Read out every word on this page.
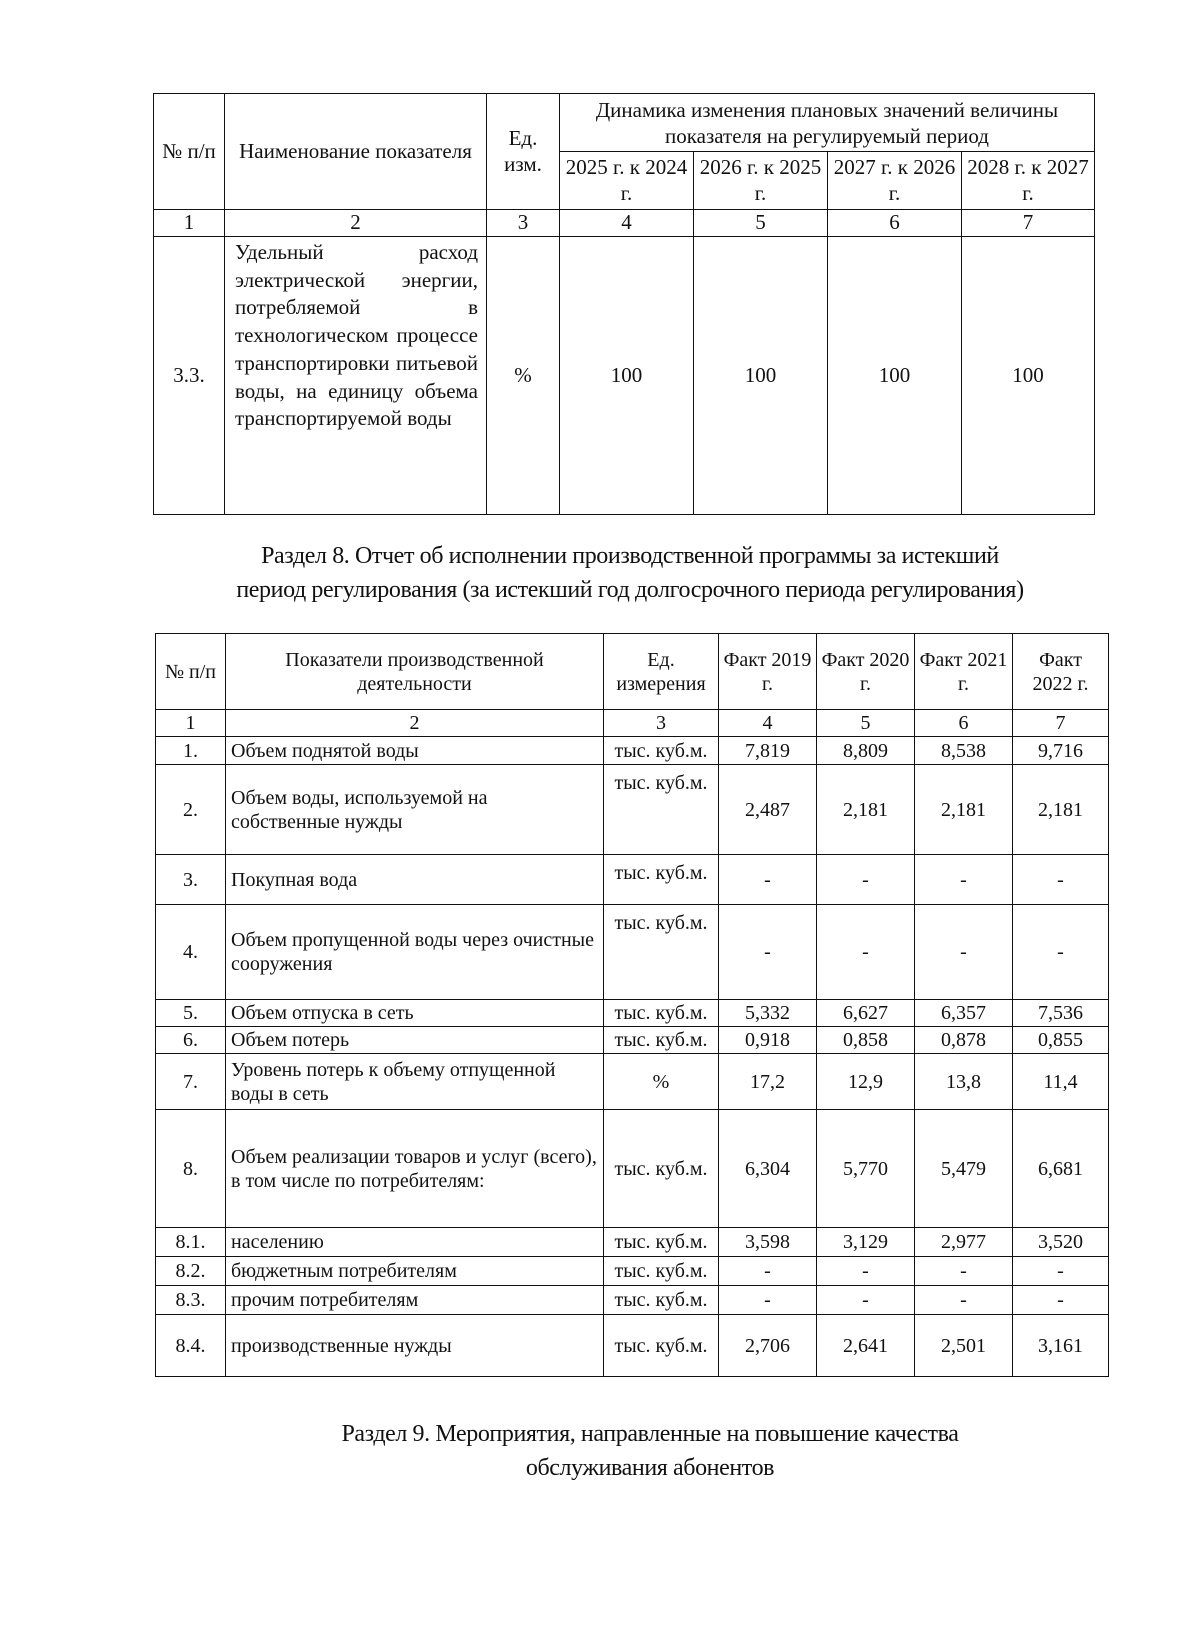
№ п/п	Наименование показателя	Ед. изм.	Динамика изменения плановых значений величины показателя на регулируемый период			
			2025 г. к 2024 г.	2026 г. к 2025 г.	2027 г. к 2026 г.	2028 г. к 2027 г.
1	2	3	4	5	6	7
3.3.	Удельный расход электрической энергии, потребляемой в технологическом процессе транспортировки питьевой воды, на единицу объема транспортируемой воды	%	100	100	100	100
Раздел 8. Отчет об исполнении производственной программы за истекший
период регулирования (за истекший год долгосрочного периода регулирования)
№ п/п	Показатели производственной деятельности	Ед. измерения	Факт 2019 г.	Факт 2020 г.	Факт 2021 г.	Факт 2022 г.
1	2	3	4	5	6	7
1.	Объем поднятой воды	тыс. куб.м.	7,819	8,809	8,538	9,716
2.	Объем воды, используемой на собственные нужды	тыс. куб.м.	2,487	2,181	2,181	2,181
3.	Покупная вода	тыс. куб.м.	-	-	-	-
4.	Объем пропущенной воды через очистные сооружения	тыс. куб.м.	-	-	-	-
5.	Объем отпуска в сеть	тыс. куб.м.	5,332	6,627	6,357	7,536
6.	Объем потерь	тыс. куб.м.	0,918	0,858	0,878	0,855
7.	Уровень потерь к объему отпущенной воды в сеть	%	17,2	12,9	13,8	11,4
8.	Объем реализации товаров и услуг (всего), в том числе по потребителям:	тыс. куб.м.	6,304	5,770	5,479	6,681
8.1.	населению	тыс. куб.м.	3,598	3,129	2,977	3,520
8.2.	бюджетным потребителям	тыс. куб.м.	-	-	-	-
8.3.	прочим потребителям	тыс. куб.м.	-	-	-	-
8.4.	производственные нужды	тыс. куб.м.	2,706	2,641	2,501	3,161
Раздел 9. Мероприятия, направленные на повышение качества
обслуживания абонентов
